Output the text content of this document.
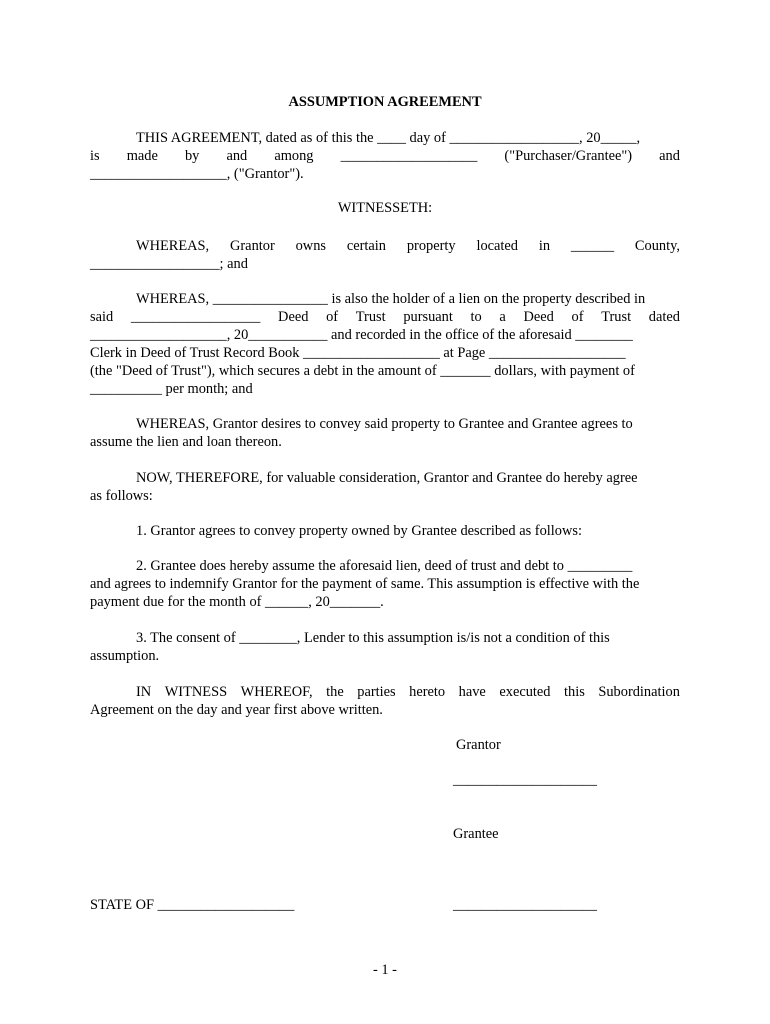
ASSUMPTION AGREEMENT
THIS AGREEMENT, dated as of this the ____ day of __________________, 20_____,
is made by and among ___________________ ("Purchaser/Grantee") and
___________________, ("Grantor").
WITNESSETH:
WHEREAS, Grantor owns certain property located in ______ County,
__________________; and
WHEREAS, ________________ is also the holder of a lien on the property described in
said __________________ Deed of Trust pursuant to a Deed of Trust dated
___________________, 20___________ and recorded in the office of the aforesaid ________
Clerk in Deed of Trust Record Book ___________________ at Page ___________________
(the "Deed of Trust"), which secures a debt in the amount of _______ dollars, with payment of
__________ per month; and
WHEREAS, Grantor desires to convey said property to Grantee and Grantee agrees to
assume the lien and loan thereon.
NOW, THEREFORE, for valuable consideration, Grantor and Grantee do hereby agree
as follows:
1. Grantor agrees to convey property owned by Grantee described as follows:
2. Grantee does hereby assume the aforesaid lien, deed of trust and debt to _________
and agrees to indemnify Grantor for the payment of same. This assumption is effective with the
payment due for the month of ______, 20_______.
3. The consent of ________, Lender to this assumption is/is not a condition of this
assumption.
IN WITNESS WHEREOF, the parties hereto have executed this Subordination
Agreement on the day and year first above written.
Grantor
____________________
Grantee
STATE OF ___________________	____________________
- 1 -
